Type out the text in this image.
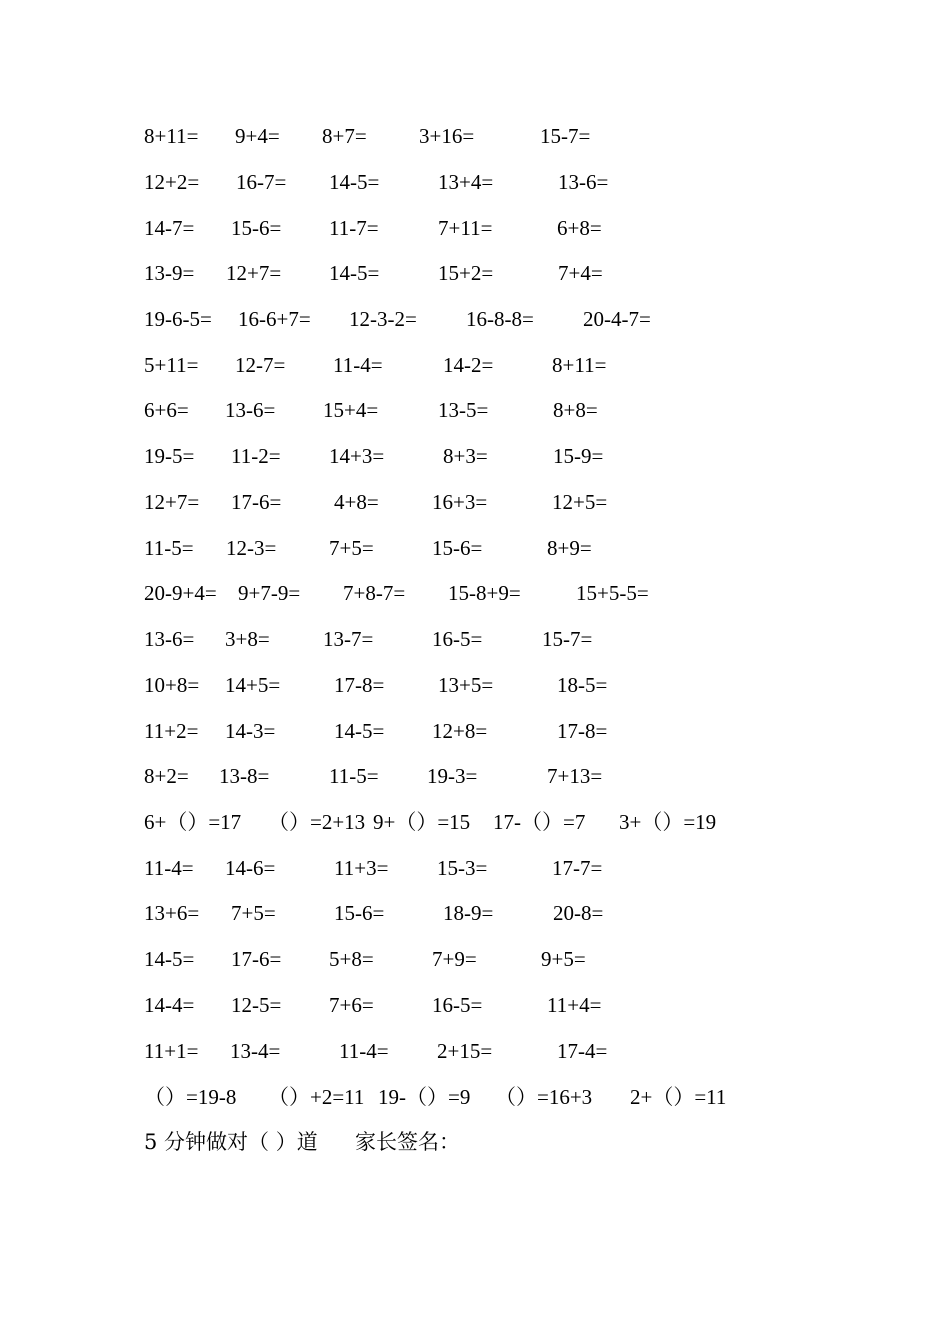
8+11= 9+4= 8+7= 3+16=	15-7=
12+2= 16-7= 14-5=	13+4=	13-6=
14-7= 15-6= 11-7=	7+11=	6+8=
13-9= 12+7= 14-5=	15+2=	7+4=
19-6-5= 16-6+7= 12-3-2= 16-8-8= 20-4-7=
5+11= 12-7= 11-4=	14-2=	8+11=
6+6= 13-6= 15+4=	13-5=	8+8=
19-5= 11-2= 14+3=	8+3=	15-9=
12+7= 17-6=	4+8=	16+3=	12+5=
11-5= 12-3=	7+5=	15-6=	8+9=
20-9+4= 9+7-9= 7+8-7= 15-8+9=	15+5-5=
13-6= 3+8=	13-7=	16-5=	15-7=
10+8= 14+5=	17-8=	13+5=	18-5=
11+2= 14-3=	14-5= 12+8=	17-8=
8+2= 13-8=	11-5= 19-3=	7+13=
6+（）=17 （）=2+13 9+（）=15 17-（）=7 3+（）=19
11-4= 14-6=	11+3= 15-3=	17-7=
13+6= 7+5=	15-6=	18-9=	20-8=
14-5= 17-6= 5+8=	7+9=	9+5=
14-4= 12-5= 7+6=	16-5=	11+4=
11+1= 13-4=	11-4= 2+15=	17-4=
（）=19-8 （）+2=11 19-（）=9 （）=16+3 2+（）=11
5 分钟做对（ ）道 家长签名：
